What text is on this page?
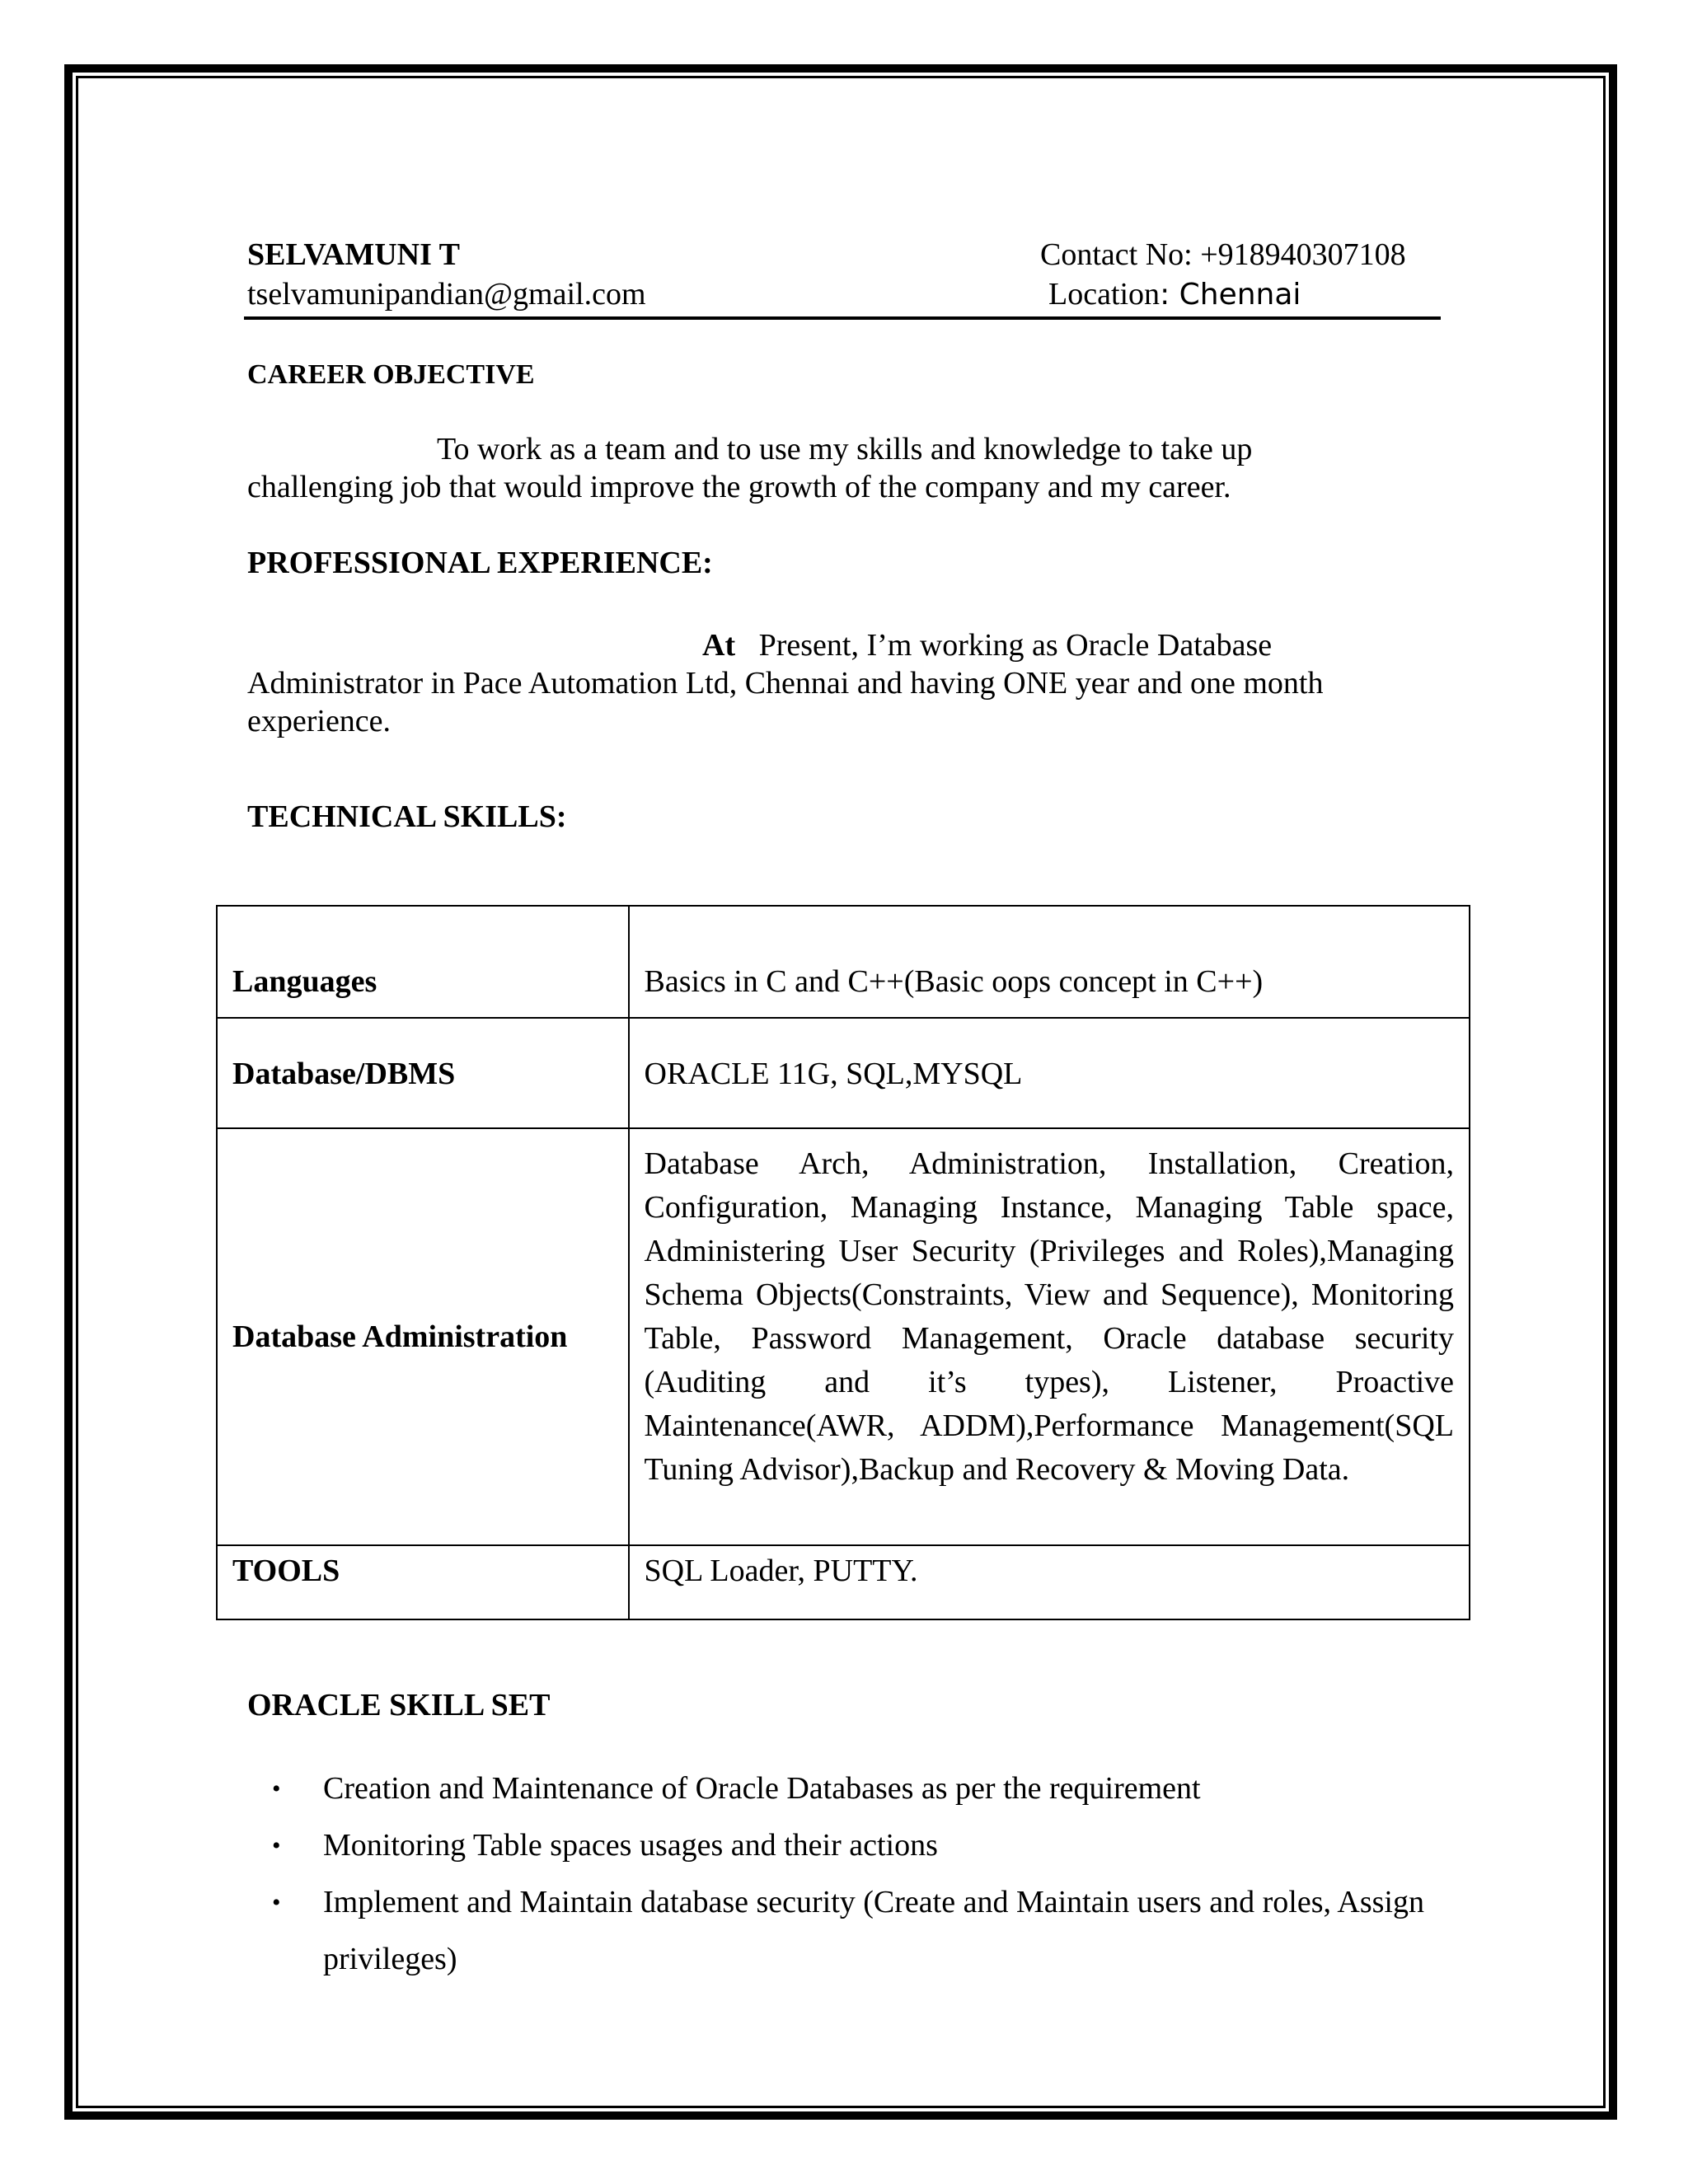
SELVAMUNI T
tselvamunipandian@gmail.com
Contact No: +918940307108
Location: Chennai
CAREER OBJECTIVE
To work as a team and to use my skills and knowledge to take up
challenging job that would improve the growth of the company and my career.
PROFESSIONAL EXPERIENCE:
At   Present, I’m working as Oracle Database
Administrator in Pace Automation Ltd, Chennai and having ONE year and one month
experience.
TECHNICAL SKILLS:
Languages	Basics in C and C++(Basic oops concept in C++)
Database/DBMS	ORACLE 11G, SQL,MYSQL
Database Administration	Database Arch, Administration, Installation, Creation, Configuration, Managing Instance, Managing Table space, Administering User Security (Privileges and Roles),Managing Schema Objects(Constraints, View and Sequence), Monitoring Table, Password Management, Oracle database security (Auditing and it’s types), Listener, Proactive Maintenance(AWR, ADDM),Performance Management(SQL Tuning Advisor),Backup and Recovery & Moving Data.
TOOLS	SQL Loader, PUTTY.
ORACLE SKILL SET
• Creation and Maintenance of Oracle Databases as per the requirement
• Monitoring Table spaces usages and their actions
• Implement and Maintain database security (Create and Maintain users and roles, Assign privileges)
